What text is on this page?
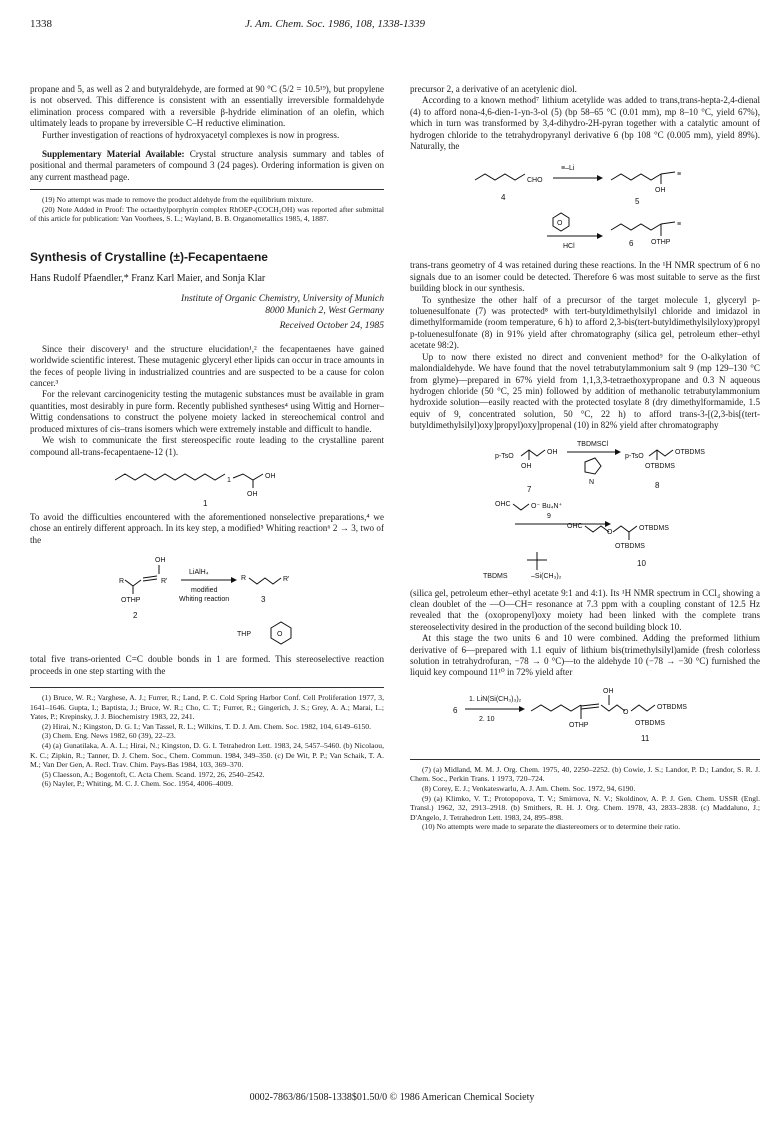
1338	J. Am. Chem. Soc. 1986, 108, 1338-1339

propane and 5, as well as 2 and butyraldehyde, are formed at 90 °C (5/2 = 10.5¹⁹), but propylene is not observed. This difference is consistent with an essentially irreversible formaldehyde elimination process compared with a reversible β-hydride elimination of an olefin, which ultimately leads to propane by irreversible C–H reductive elimination.

Further investigation of reactions of hydroxyacetyl complexes is now in progress.

Supplementary Material Available: Crystal structure analysis summary and tables of positional and thermal parameters of compound 3 (24 pages). Ordering information is given on any current masthead page.

(19) No attempt was made to remove the product aldehyde from the equilibrium mixture.

(20) Note Added in Proof: The octaethylporphyrin complex RhOEP-(COCH₂OH) was reported after submittal of this article for publication: Van Voorhees, S. L.; Wayland, B. B. Organometallics 1985, 4, 1887.

Synthesis of Crystalline (±)-Fecapentaene
Hans Rudolf Pfaendler,* Franz Karl Maier, and Sonja Klar
Institute of Organic Chemistry, University of Munich
8000 Munich 2, West Germany
Received October 24, 1985

Since their discovery¹ and the structure elucidation¹,² the fecapentaenes have gained worldwide scientific interest. These mutagenic glyceryl ether lipids can occur in trace amounts in the feces of people living in industrialized countries and are suspected to be a cause for colon cancer.³

For the relevant carcinogenicity testing the mutagenic substances must be available in gram quantities, most desirably in pure form. Recently published syntheses⁴ using Wittig and Horner–Wittig condensations to construct the polyene moiety lacked in stereochemical control and produced mixtures of cis–trans isomers which were extremely instable and difficult to handle.

We wish to communicate the first stereospecific route leading to the crystalline parent compound all-trans-fecapentaene-12 (1).

1
OH
OH
1

To avoid the difficulties encountered with the aforementioned nonselective preparations,⁴ we chose an entirely different approach. In its key step, a modified⁵ Whiting reaction⁶ 2 → 3, two of the

OH
R	R'
OTHP
2
LiAlH₄
modified
Whiting reaction
R	R'
3
THP	O

total five trans-oriented C=C double bonds in 1 are formed. This stereoselective reaction proceeds in one step starting with the

(1) Bruce, W. R.; Varghese, A. J.; Furrer, R.; Land, P. C. Cold Spring Harbor Conf. Cell Proliferation 1977, 3, 1641–1646. Gupta, I.; Baptista, J.; Bruce, W. R.; Cho, C. T.; Furrer, R.; Gingerich, J. S.; Grey, A. A.; Marai, L.; Yates, P.; Krepinsky, J. J. Biochemistry 1983, 22, 241.

(2) Hirai, N.; Kingston, D. G. I.; Van Tassel, R. L.; Wilkins, T. D. J. Am. Chem. Soc. 1982, 104, 6149–6150.

(3) Chem. Eng. News 1982, 60 (39), 22–23.

(4) (a) Gunatilaka, A. A. L.; Hirai, N.; Kingston, D. G. I. Tetrahedron Lett. 1983, 24, 5457–5460. (b) Nicolaou, K. C.; Zipkin, R.; Tanner, D. J. Chem. Soc., Chem. Commun. 1984, 349–350. (c) De Wit, P. P.; Van Schaik, T. A. M.; Van Der Gen, A. Recl. Trav. Chim. Pays-Bas 1984, 103, 369–370.

(5) Claesson, A.; Bogentoft, C. Acta Chem. Scand. 1972, 26, 2540–2542.

(6) Nayler, P.; Whiting, M. C. J. Chem. Soc. 1954, 4006–4009.

precursor 2, a derivative of an acetylenic diol.

According to a known method⁷ lithium acetylide was added to trans,trans-hepta-2,4-dienal (4) to afford nona-4,6-dien-1-yn-3-ol (5) (bp 58–65 °C (0.01 mm), mp 8–10 °C, yield 67%), which in turn was transformed by 3,4-dihydro-2H-pyran together with a catalytic amount of hydrogen chloride to the tetrahydropyranyl derivative 6 (bp 108 °C (0.005 mm), yield 89%). Naturally, the

CHO
4
≡–Li
≡
OH
5
O
HCl
≡
OTHP
6

trans-trans geometry of 4 was retained during these reactions. In the ¹H NMR spectrum of 6 no signals due to an isomer could be detected. Therefore 6 was most suitable to serve as the first building block in our synthesis.

To synthesize the other half of a precursor of the target molecule 1, glyceryl p-toluenesulfonate (7) was protected⁸ with tert-butyldimethylsilyl chloride and imidazol in dimethylformamide (room temperature, 6 h) to afford 2,3-bis(tert-butyldimethylsilyloxy)propyl p-toluenesulfonate (8) in 91% yield after chromatography (silica gel, petroleum ether–ethyl acetate 98:2).

Up to now there existed no direct and convenient method⁹ for the O-alkylation of malondialdehyde. We have found that the novel tetrabutylammonium salt 9 (mp 129–130 °C from glyme)—prepared in 67% yield from 1,1,3,3-tetraethoxypropane and 0.3 N aqueous hydrogen chloride (50 °C, 25 min) followed by addition of methanolic tetrabutylammonium hydroxide solution—easily reacted with the protected tosylate 8 (dry dimethylformamide, 1.5 equiv of 9, concentrated solution, 50 °C, 22 h) to afford trans-3-[(2,3-bis[(tert-butyldimethylsilyl)oxy]propyl)oxy]propenal (10) in 82% yield after chromatography

p-TsO
OH
OH
7
TBDMSCl
N
p-TsO
OTBDMS
OTBDMS
8
OHC	O⁻ Bu₄N⁺
9
OHC
O
OTBDMS
OTBDMS
10
TBDMS	–Si(CH₃)₂

(silica gel, petroleum ether–ethyl acetate 9:1 and 4:1). Its ¹H NMR spectrum in CCl₄ showing a clean doublet of the —O—CH= resonance at 7.3 ppm with a coupling constant of 12.5 Hz revealed that the (oxopropenyl)oxy moiety had been linked with the complete trans stereoselectivity desired in the production of the second building block 10.

At this stage the two units 6 and 10 were combined. Adding the preformed lithium derivative of 6—prepared with 1.1 equiv of lithium bis(trimethylsilyl)amide (fresh colorless solution in tetrahydrofuran, −78 → 0 °C)—to the aldehyde 10 (−78 → −30 °C) furnished the liquid key compound 11¹⁰ in 72% yield after

6
1. LiN(Si(CH₃)₃)₂
2. 10
O
OTBDMS
OH
OTHP	OTBDMS
11

(7) (a) Midland, M. M. J. Org. Chem. 1975, 40, 2250–2252. (b) Cowie, J. S.; Landor, P. D.; Landor, S. R. J. Chem. Soc., Perkin Trans. 1 1973, 720–724.

(8) Corey, E. J.; Venkateswarlu, A. J. Am. Chem. Soc. 1972, 94, 6190.

(9) (a) Klimko, V. T.; Protopopova, T. V.; Smirnova, N. V.; Skoldinov, A. P. J. Gen. Chem. USSR (Engl. Transl.) 1962, 32, 2913–2918. (b) Smithers, R. H. J. Org. Chem. 1978, 43, 2833–2838. (c) Maddaluno, J.; D'Angelo, J. Tetrahedron Lett. 1983, 24, 895–898.

(10) No attempts were made to separate the diastereomers or to determine their ratio.

0002-7863/86/1508-1338$01.50/0 © 1986 American Chemical Society
